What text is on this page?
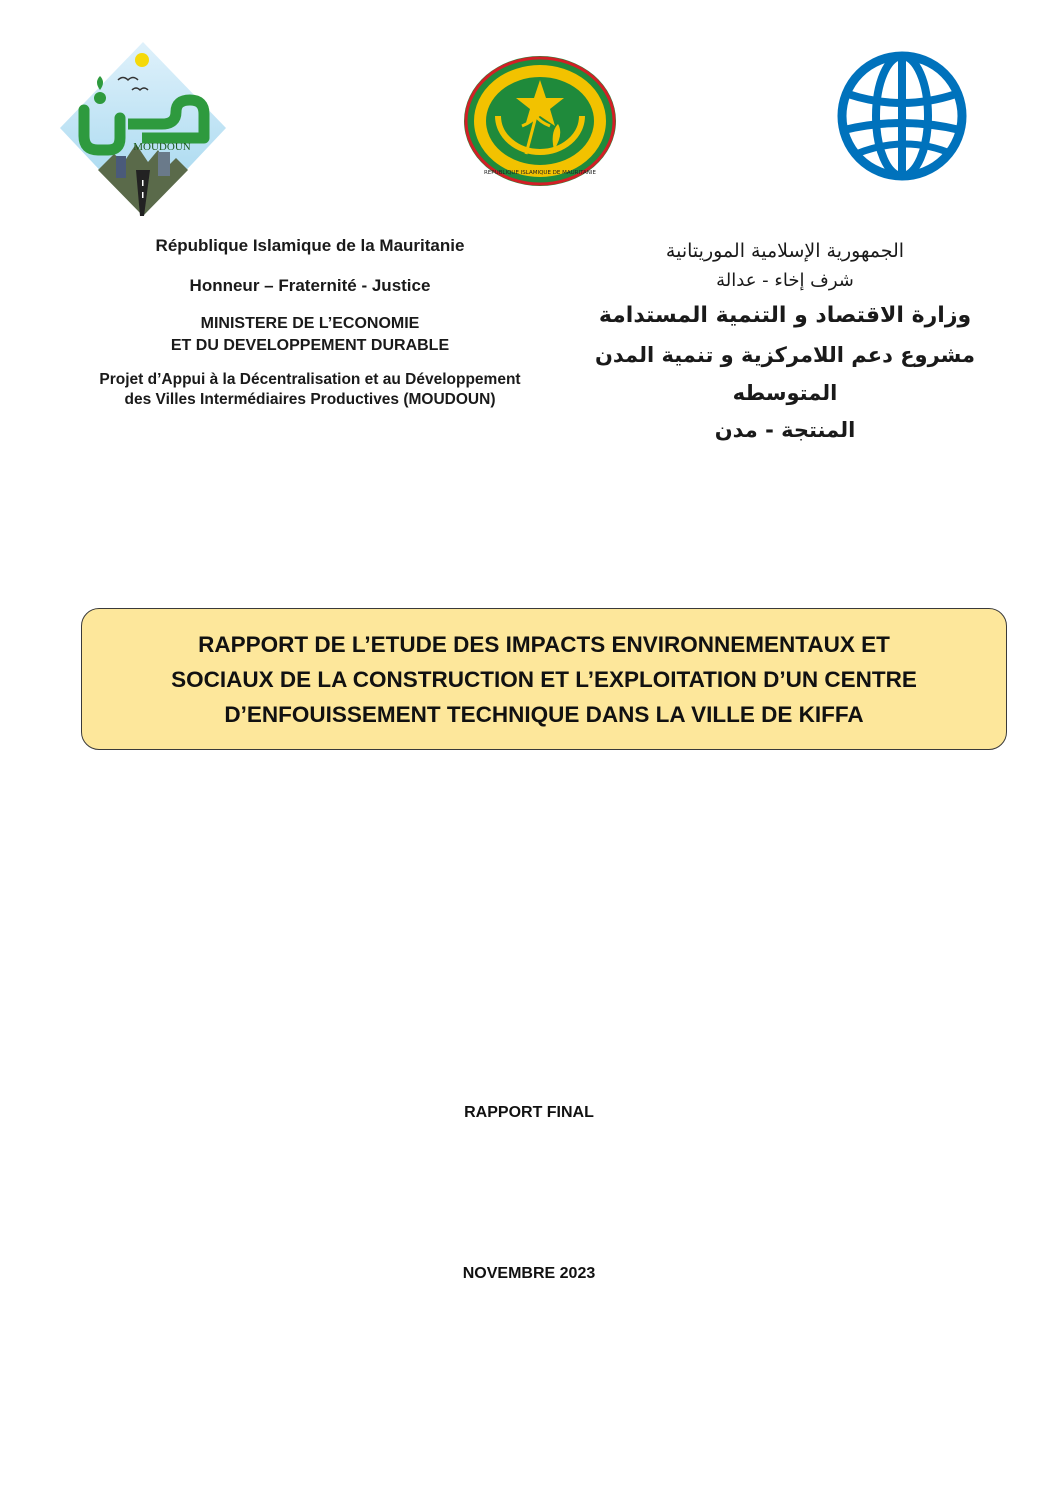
MOUDOUN
REPUBLIQUE ISLAMIQUE DE MAURITANIE
République Islamique de la Mauritanie
Honneur – Fraternité - Justice
MINISTERE DE L’ECONOMIE
ET DU DEVELOPPEMENT DURABLE
Projet d’Appui à la Décentralisation et au Développement
des Villes Intermédiaires Productives (MOUDOUN)
الجمهورية الإسلامية الموريتانية
شرف إخاء - عدالة
وزارة الاقتصاد و التنمية المستدامة
مشروع دعم اللامركزية و تنمية المدن المتوسطه
المنتجة - مدن
RAPPORT DE L’ETUDE DES IMPACTS ENVIRONNEMENTAUX ET
SOCIAUX DE LA CONSTRUCTION ET L’EXPLOITATION D’UN CENTRE
D’ENFOUISSEMENT TECHNIQUE DANS LA VILLE DE KIFFA
RAPPORT FINAL
NOVEMBRE 2023
